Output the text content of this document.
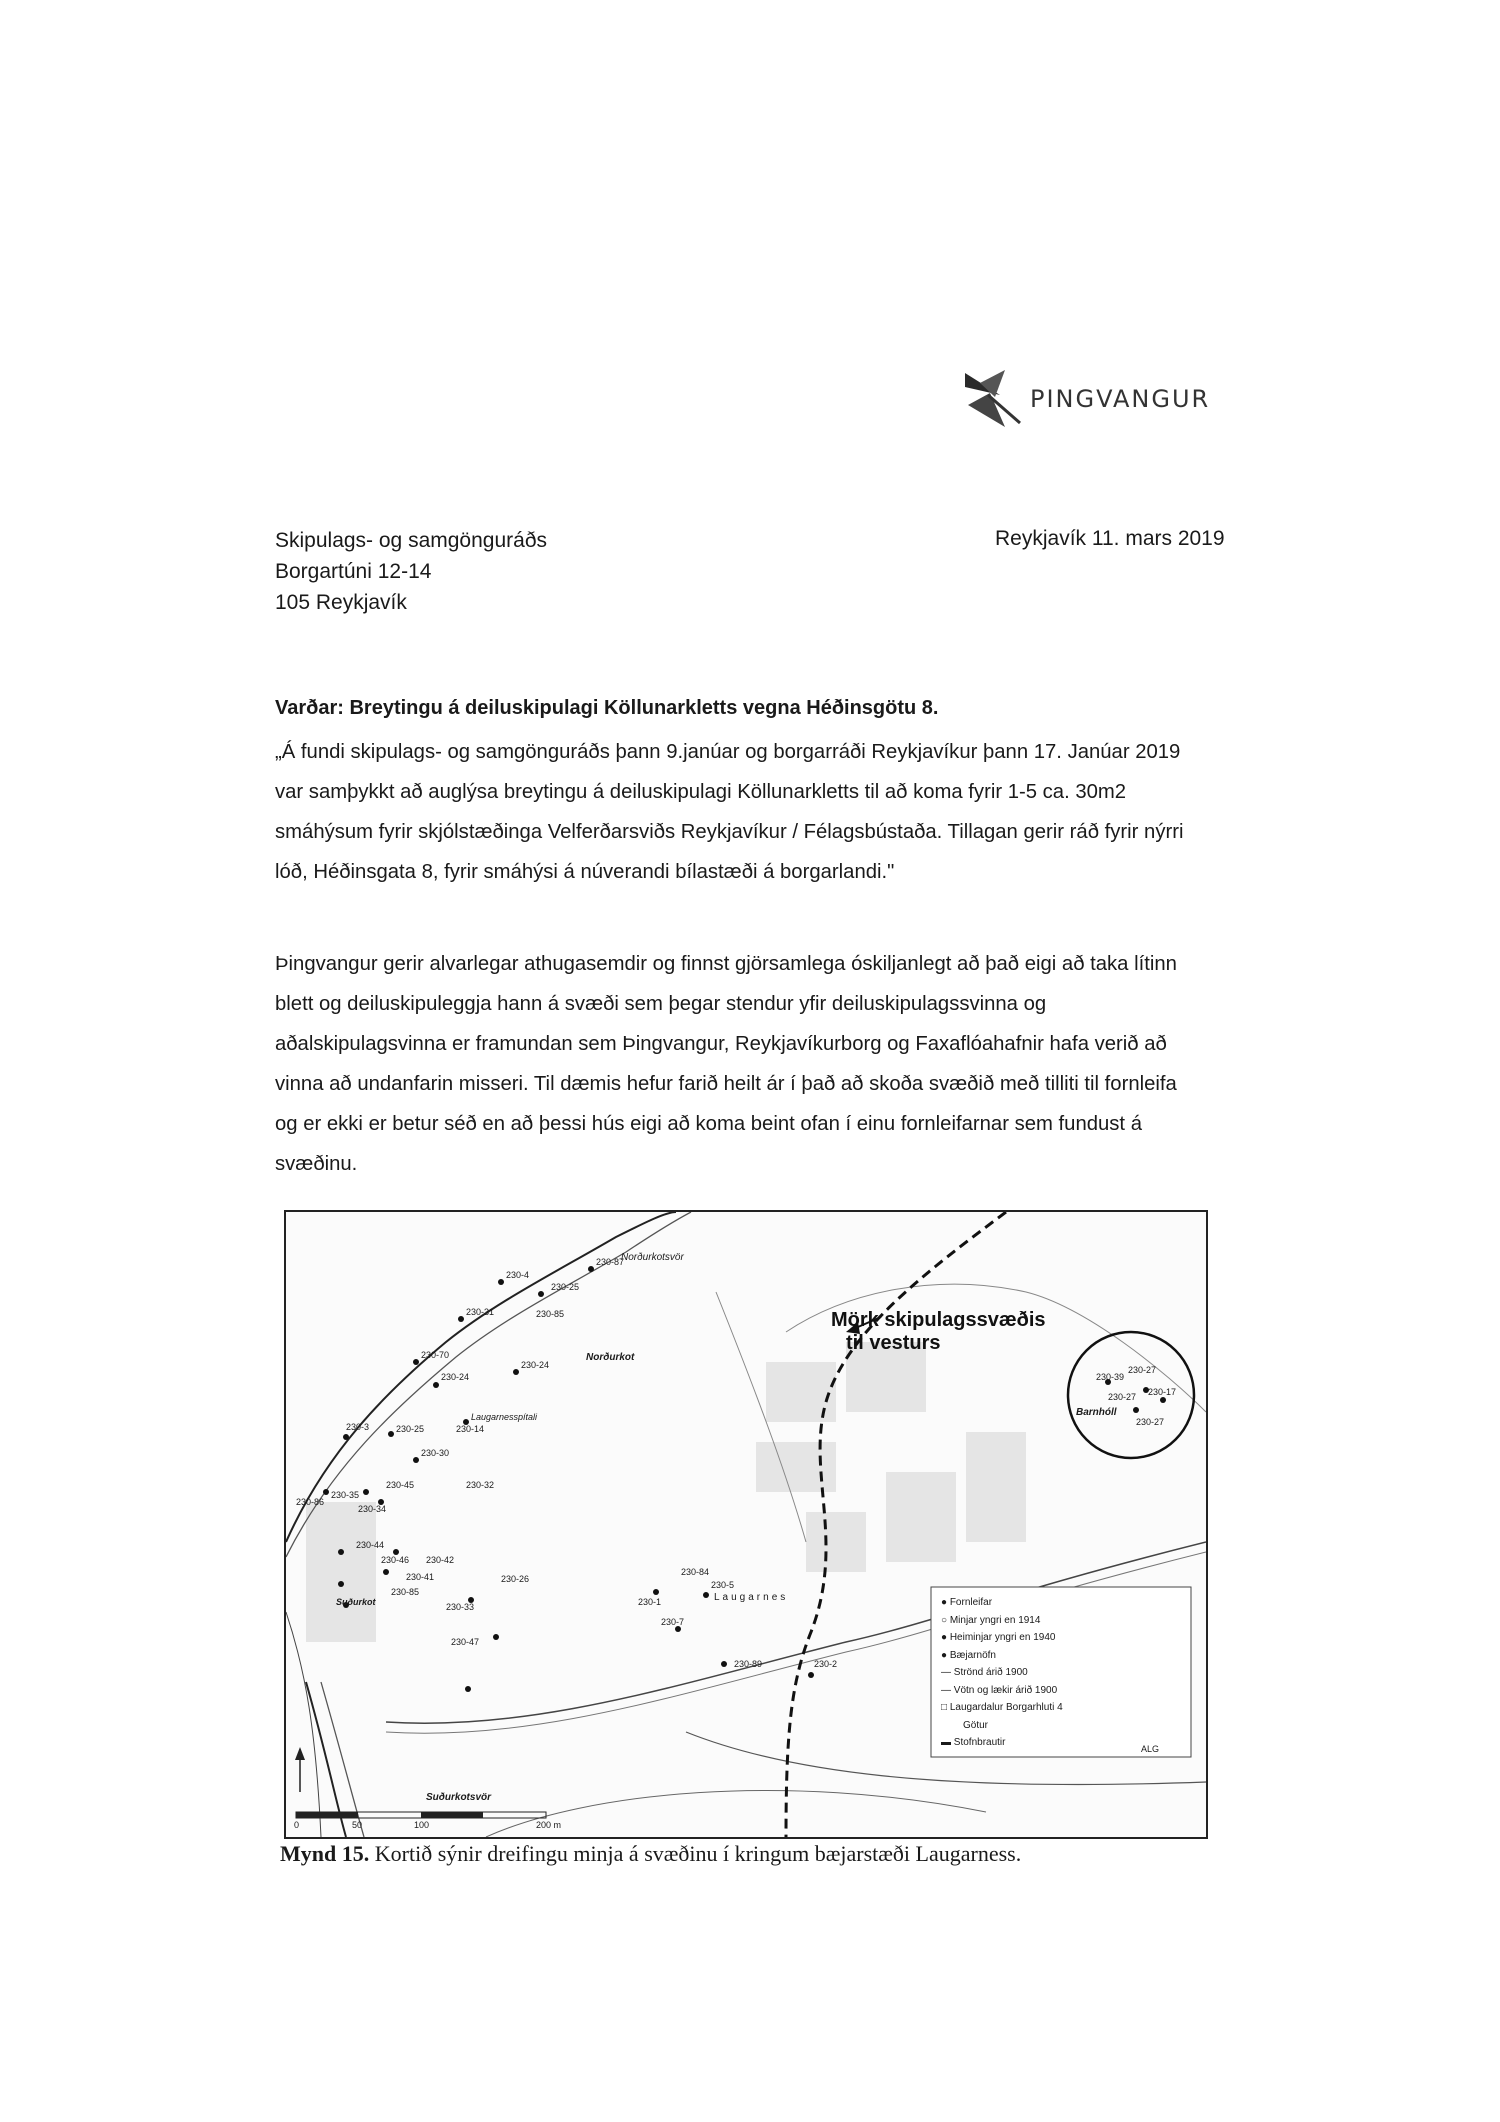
PINGVANGUR
Skipulags- og samgönguráðs
Borgartúni 12-14
105 Reykjavík
Reykjavík 11. mars 2019
Varðar: Breytingu á deiluskipulagi Köllunarkletts vegna Héðinsgötu 8.
„Á fundi skipulags- og samgönguráðs þann 9.janúar og borgarráði Reykjavíkur þann 17. Janúar 2019
var samþykkt að auglýsa breytingu á deiluskipulagi Köllunarkletts til að koma fyrir 1-5 ca. 30m2
smáhýsum fyrir skjólstæðinga Velferðarsviðs Reykjavíkur / Félagsbústaða. Tillagan gerir ráð fyrir nýrri
lóð, Héðinsgata 8, fyrir smáhýsi á núverandi bílastæði á borgarlandi."
Þingvangur gerir alvarlegar athugasemdir og finnst gjörsamlega óskiljanlegt að það eigi að taka lítinn
blett og deiluskipuleggja hann á svæði sem þegar stendur yfir deiluskipulagssvinna og
aðalskipulagsvinna er framundan sem Þingvangur, Reykjavíkurborg og Faxaflóahafnir hafa verið að
vinna að undanfarin misseri. Til dæmis hefur farið heilt ár í það að skoða svæðið með tilliti til fornleifa
og er ekki er betur séð en að þessi hús eigi að koma beint ofan í einu fornleifarnar sem fundust á
svæðinu.
Mörk skipulagssvæðis
til vesturs
Norðurkotsvör
Norðurkot
Laugarnesspítali
Suðurkot
Suðurkotsvör
Barnhóll
Laugarnes
230-87
230-25
230-4
230-85
230-31
230-70
230-24
230-24
230-3	230-25	230-14
230-30
230-45	230-32
230-86
230-35
230-34
230-44
230-46 230-42
230-41
230-85
230-33
230-47
230-26
230-84
230-5
230-1
230-7
230-89	230-2
230-27
230-39
230-27 230-17
230-27
● Fornleifar
○ Minjar yngri en 1914
● Heiminjar yngri en 1940
● Bæjarnöfn
— Strönd árið 1900
— Vötn og lækir árið 1900
□ Laugardalur Borgarhluti 4
Götur
▬ Stofnbrautir
0	50	100	200 m
ALG
Mynd 15. Kortið sýnir dreifingu minja á svæðinu í kringum bæjarstæði Laugarness.
